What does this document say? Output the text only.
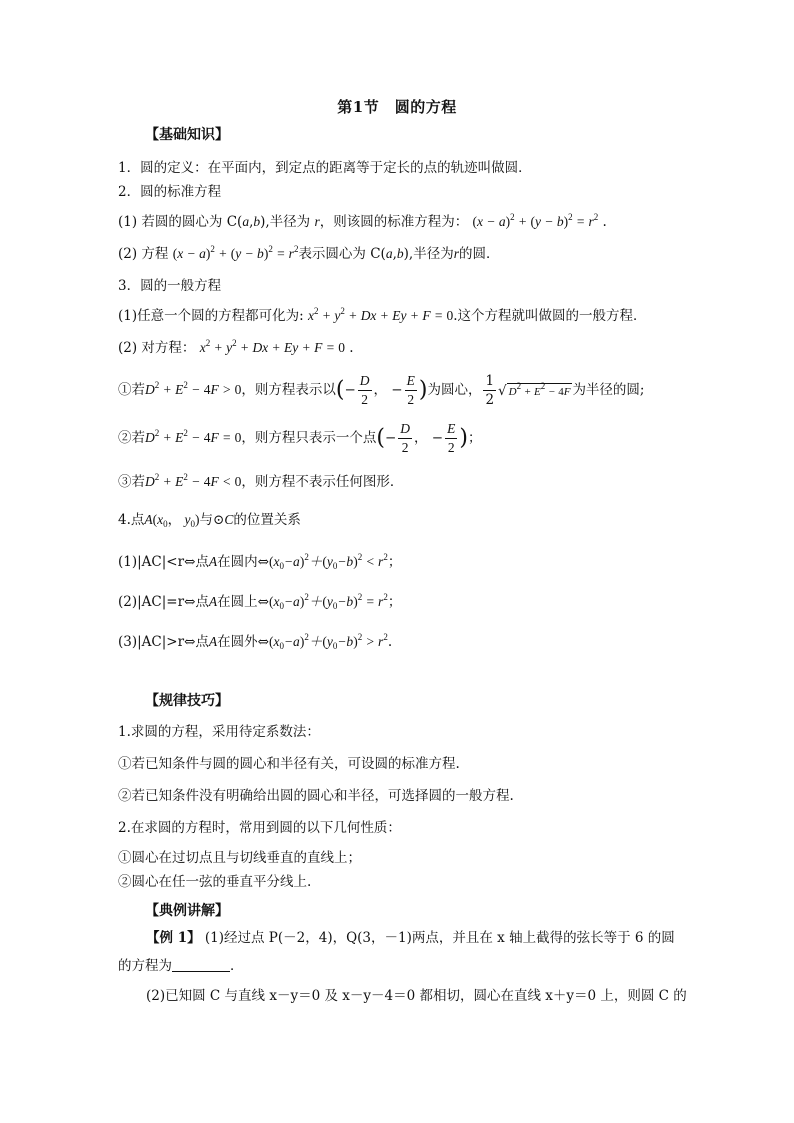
第1节　圆的方程
【基础知识】
1．圆的定义：在平面内，到定点的距离等于定长的点的轨迹叫做圆．
2．圆的标准方程
(1) 若圆的圆心为 C(a,b),半径为 r，则该圆的标准方程为： $(x - a)^2 + (y - b)^2 = r^2$ .
(2) 方程 $(x - a)^2 + (y - b)^2 = r^2$表示圆心为 C(a,b),半径为r的圆．
3．圆的一般方程
(1)任意一个圆的方程都可化为: $x^2 + y^2 + Dx + Ey + F = 0$.这个方程就叫做圆的一般方程．
(2) 对方程： $x^2 + y^2 + Dx + Ey + F = 0$ .
①若$D^2 + E^2 - 4F > 0$，则方程表示以(− $\frac{D}{2}$ ， − $\frac{E}{2}$ )为圆心， $\frac{1}{2}$ √ $D^2 + E^2 - 4F$ 为半径的圆;
②若$D^2 + E^2 - 4F = 0$，则方程只表示一个点(− $\frac{D}{2}$ ， − $\frac{E}{2}$ )；
③若$D^2 + E^2 - 4F < 0$，则方程不表示任何图形．
4.点$A(x_0$， $y_0$)与⊙C的位置关系
(1)|AC|<r⇔点A在圆内$\Leftrightarrow(x_0-a)^2+(y_0-b)^2 < r^2$；
(2)|AC|=r⇔点A在圆上$\Leftrightarrow(x_0-a)^2+(y_0-b)^2 = r^2$；
(3)|AC|>r⇔点A在圆外$\Leftrightarrow(x_0-a)^2+(y_0-b)^2 > r^2$.
【规律技巧】
1.求圆的方程，采用待定系数法：
①若已知条件与圆的圆心和半径有关，可设圆的标准方程.
②若已知条件没有明确给出圆的圆心和半径，可选择圆的一般方程.
2.在求圆的方程时，常用到圆的以下几何性质：
①圆心在过切点且与切线垂直的直线上；
②圆心在任一弦的垂直平分线上.
【典例讲解】
【例 1】 (1)经过点 P(－2，4)，Q(3，－1)两点，并且在 x 轴上截得的弦长等于 6 的圆
的方程为	．
(2)已知圆 C 与直线 x－y＝0 及 x－y－4＝0 都相切，圆心在直线 x＋y＝0 上，则圆 C 的
